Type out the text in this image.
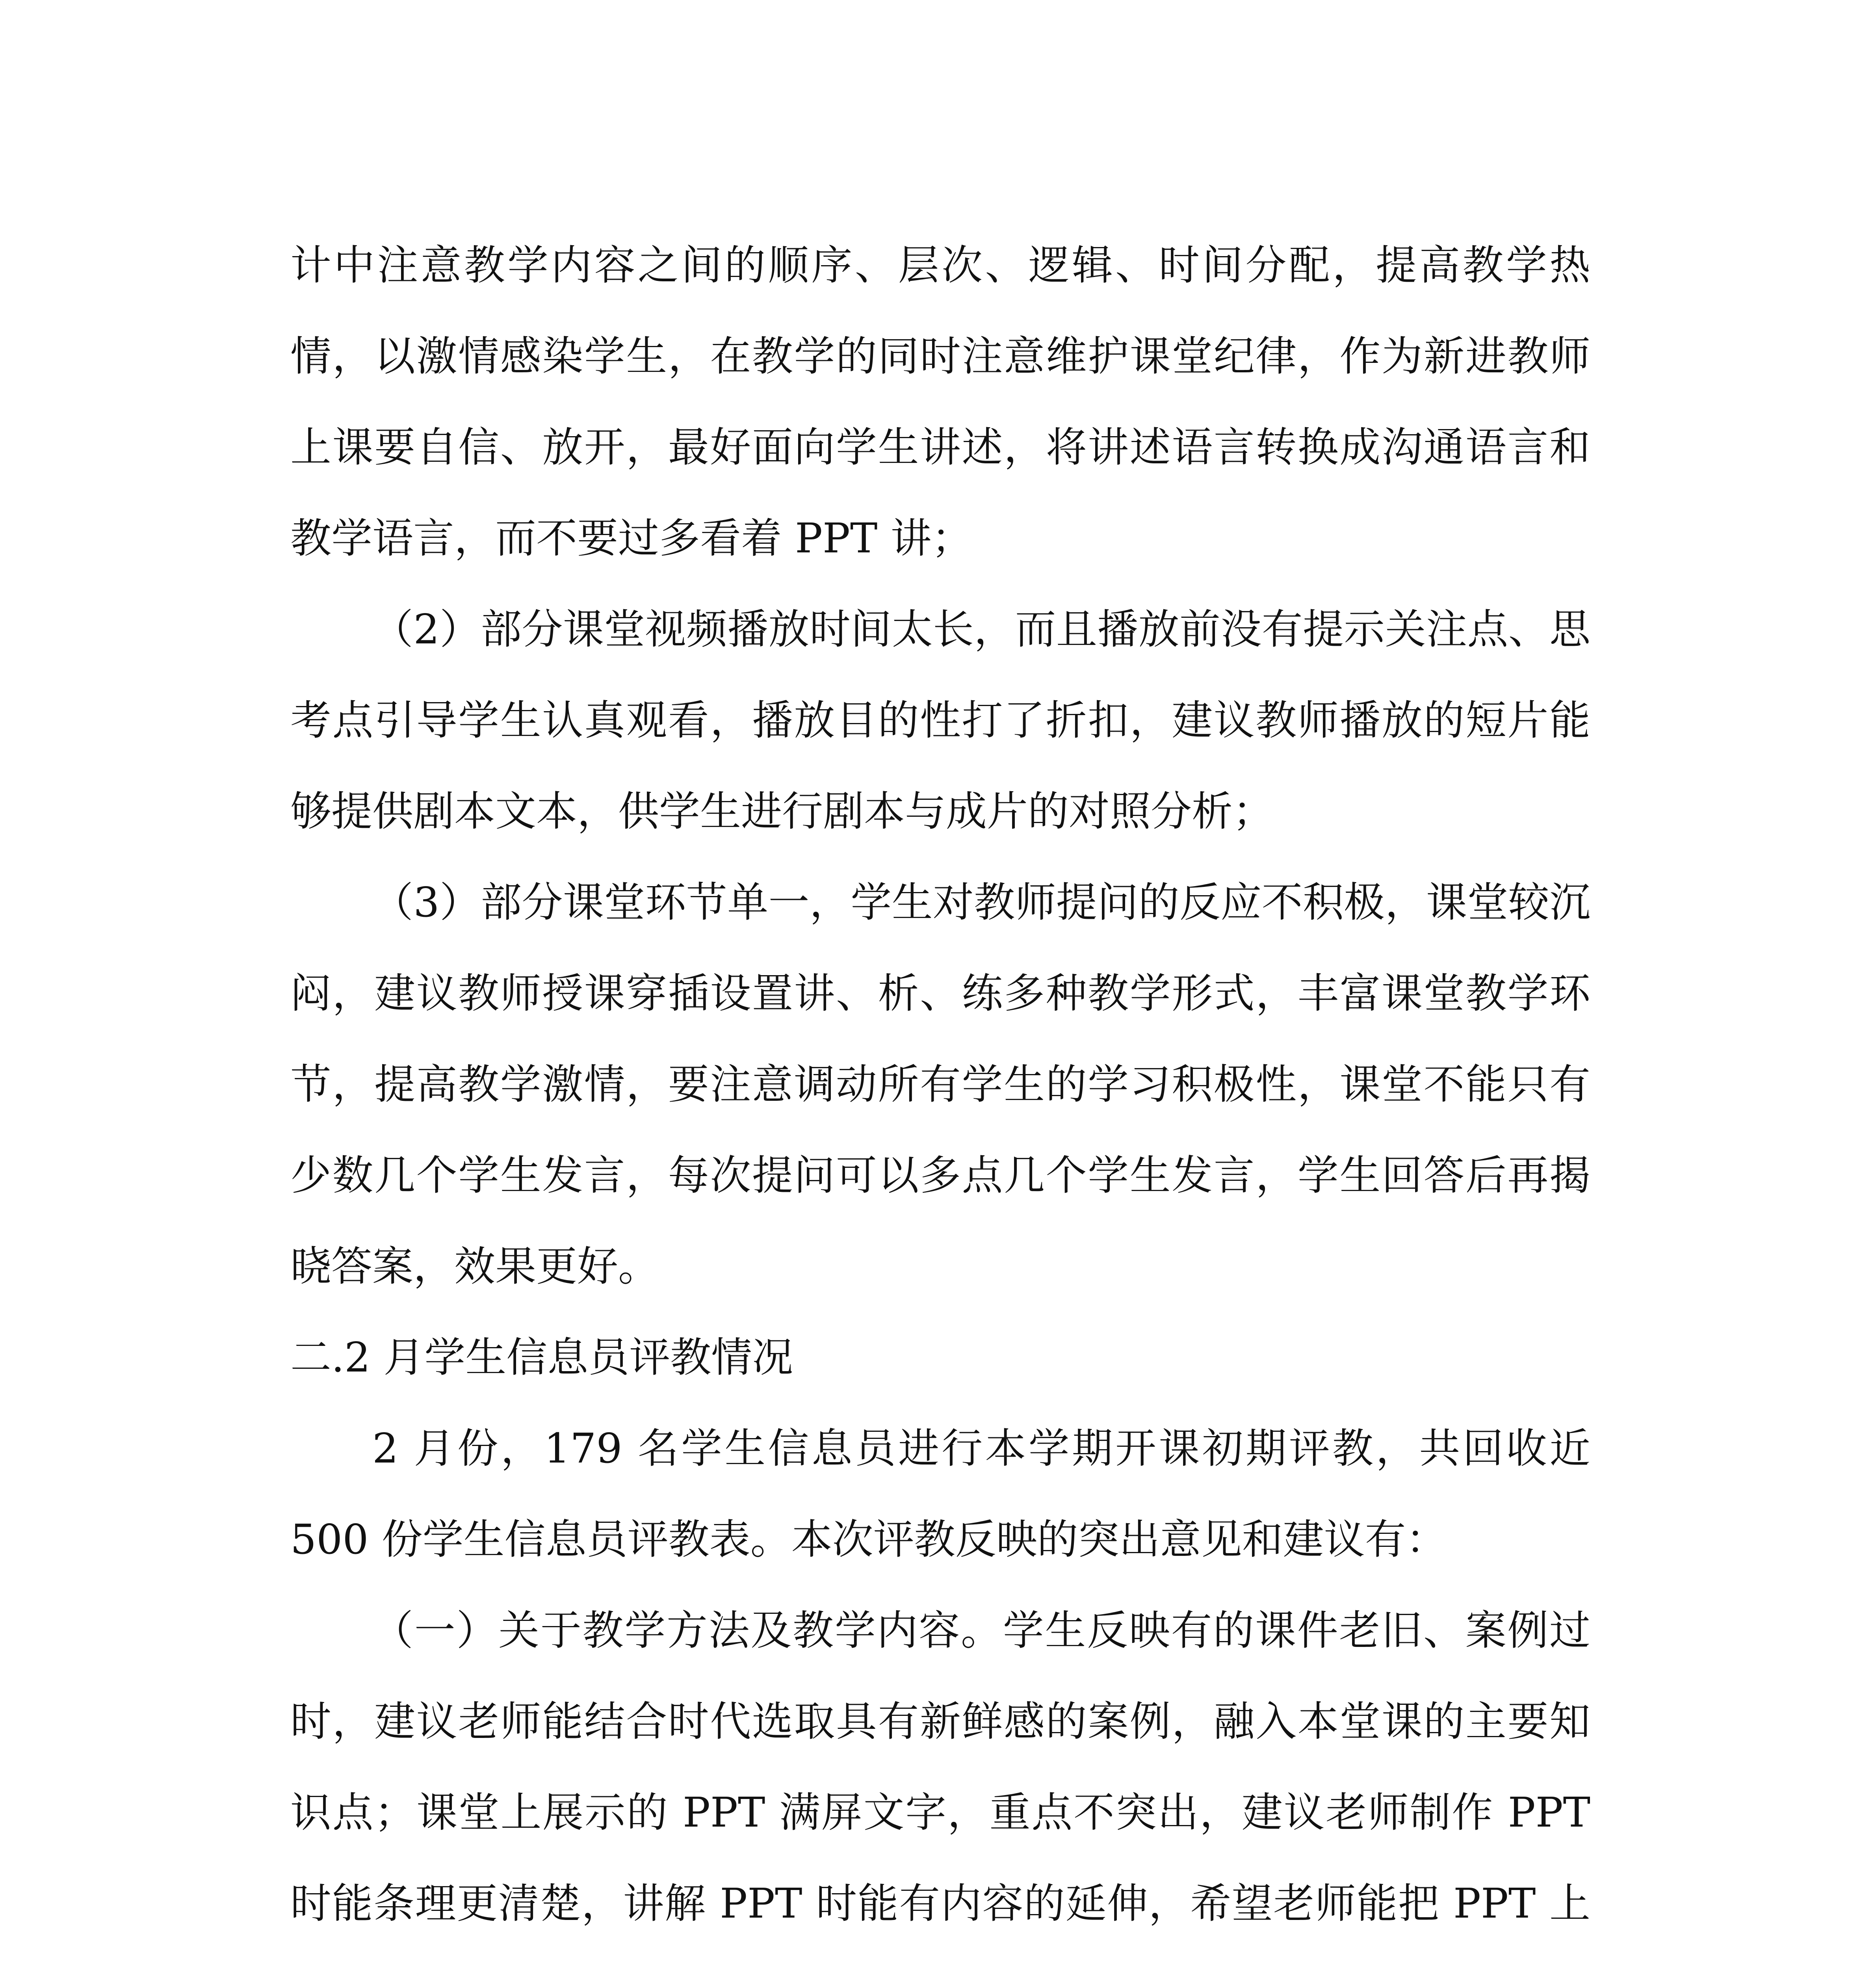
计中注意教学内容之间的顺序、层次、逻辑、时间分配，提高教学热情，以激情感染学生，在教学的同时注意维护课堂纪律，作为新进教师上课要自信、放开，最好面向学生讲述，将讲述语言转换成沟通语言和教学语言，而不要过多看着 PPT 讲；

（2）部分课堂视频播放时间太长，而且播放前没有提示关注点、思考点引导学生认真观看，播放目的性打了折扣，建议教师播放的短片能够提供剧本文本，供学生进行剧本与成片的对照分析；

（3）部分课堂环节单一，学生对教师提问的反应不积极，课堂较沉闷，建议教师授课穿插设置讲、析、练多种教学形式，丰富课堂教学环节，提高教学激情，要注意调动所有学生的学习积极性，课堂不能只有少数几个学生发言，每次提问可以多点几个学生发言，学生回答后再揭晓答案，效果更好。

二.2 月学生信息员评教情况

2 月份，179 名学生信息员进行本学期开课初期评教，共回收近 500 份学生信息员评教表。本次评教反映的突出意见和建议有：

（一）关于教学方法及教学内容。学生反映有的课件老旧、案例过时，建议老师能结合时代选取具有新鲜感的案例，融入本堂课的主要知识点；课堂上展示的 PPT 满屏文字，重点不突出，建议老师制作 PPT 时能条理更清楚，讲解 PPT 时能有内容的延伸，希望老师能把 PPT 上
